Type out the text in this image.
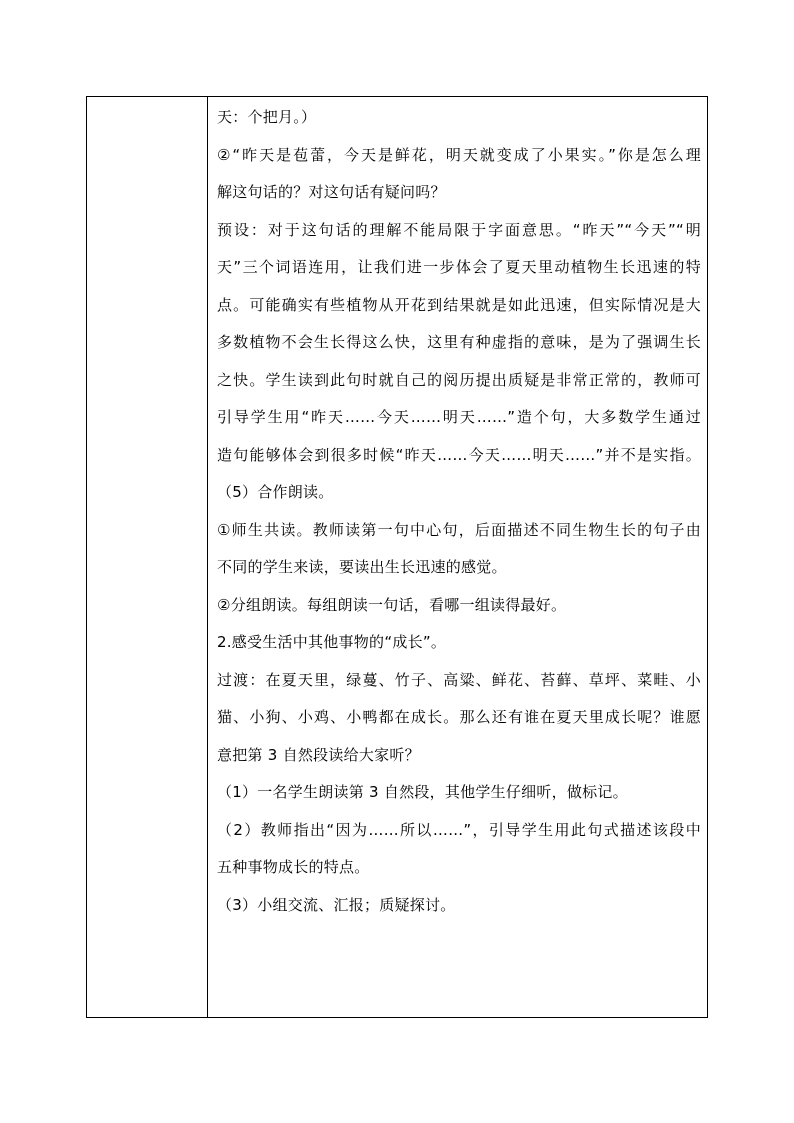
天：个把月。）
②“昨天是苞蕾，今天是鲜花，明天就变成了小果实。”你是怎么理
解这句话的？对这句话有疑问吗？
预设：对于这句话的理解不能局限于字面意思。“昨天”“今天”“明
天”三个词语连用，让我们进一步体会了夏天里动植物生长迅速的特
点。可能确实有些植物从开花到结果就是如此迅速，但实际情况是大
多数植物不会生长得这么快，这里有种虚指的意味，是为了强调生长
之快。学生读到此句时就自己的阅历提出质疑是非常正常的，教师可
引导学生用“昨天……今天……明天……”造个句，大多数学生通过
造句能够体会到很多时候“昨天……今天……明天……”并不是实指。
（5）合作朗读。
①师生共读。教师读第一句中心句，后面描述不同生物生长的句子由
不同的学生来读，要读出生长迅速的感觉。
②分组朗读。每组朗读一句话，看哪一组读得最好。
2.感受生活中其他事物的“成长”。
过渡：在夏天里，绿蔓、竹子、高粱、鲜花、苔藓、草坪、菜畦、小
猫、小狗、小鸡、小鸭都在成长。那么还有谁在夏天里成长呢？谁愿
意把第 3 自然段读给大家听？
（1）一名学生朗读第 3 自然段，其他学生仔细听，做标记。
（2）教师指出“因为……所以……”，引导学生用此句式描述该段中
五种事物成长的特点。
（3）小组交流、汇报；质疑探讨。
